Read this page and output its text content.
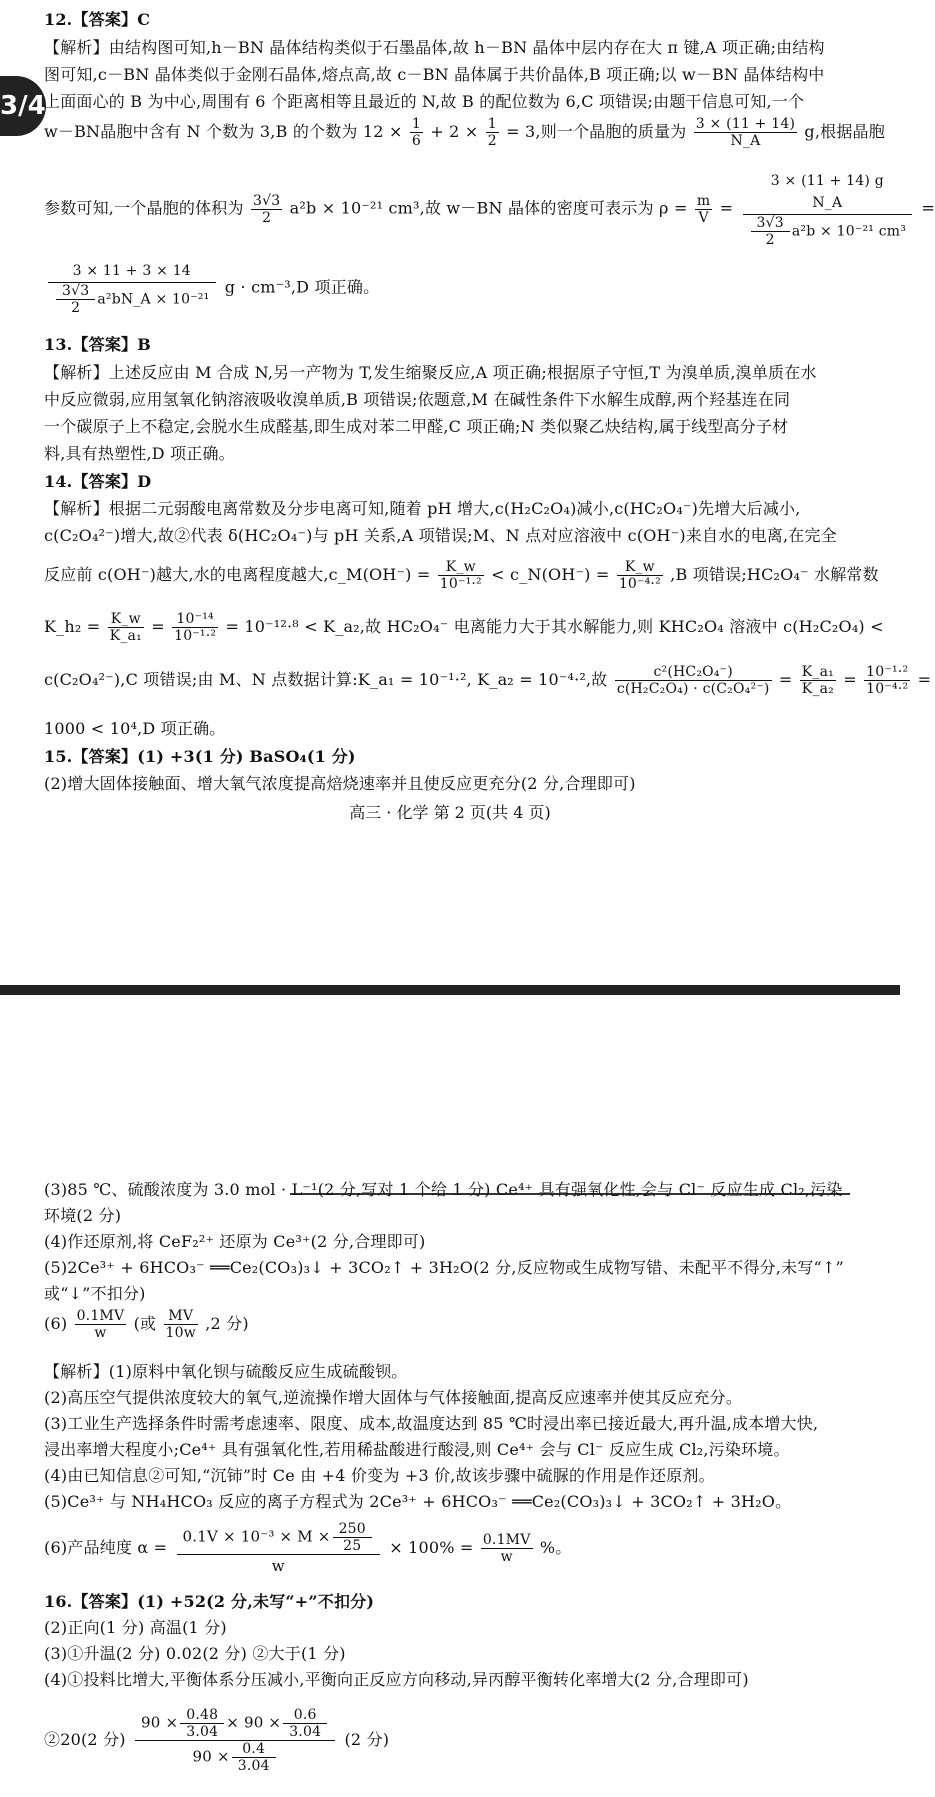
3/4
12.【答案】C
【解析】由结构图可知,h－BN 晶体结构类似于石墨晶体,故 h－BN 晶体中层内存在大 π 键,A 项正确;由结构
图可知,c－BN 晶体类似于金刚石晶体,熔点高,故 c－BN 晶体属于共价晶体,B 项正确;以 w－BN 晶体结构中
上面面心的 B 为中心,周围有 6 个距离相等且最近的 N,故 B 的配位数为 6,C 项错误;由题干信息可知,一个
w－BN晶胞中含有 N 个数为 3,B 的个数为 $12 \times \frac{1}{6} + 2 \times \frac{1}{2} = 3$,则一个晶胞的质量为 $\frac{3 \times (11 + 14)}{N\_A} g$,根据晶胞
参数可知,一个晶胞的体积为 $\frac{3√3}{2} a^2b \times 10^{-21}$ cm³,故 w－BN 晶体的密度可表示为 $\rho = \frac{m}{V}$ =
3 × (11 + 14) g
N_A
$\frac{3√3}{2} a^2b \times 10^{-21}$ cm³
=
$\frac{3 \times 11 + 3 \times 14}{\frac{3√3}{2} a^2bN\_A \times 10^{-21}}$ g · cm⁻³,D 项正确。
13.【答案】B
【解析】上述反应由 M 合成 N,另一产物为 T,发生缩聚反应,A 项正确;根据原子守恒,T 为溴单质,溴单质在水
中反应微弱,应用氢氧化钠溶液吸收溴单质,B 项错误;依题意,M 在碱性条件下水解生成醇,两个羟基连在同
一个碳原子上不稳定,会脱水生成醛基,即生成对苯二甲醛,C 项正确;N 类似聚乙炔结构,属于线型高分子材
料,具有热塑性,D 项正确。
14.【答案】D
【解析】根据二元弱酸电离常数及分步电离可知,随着 pH 增大,c(H₂C₂O₄)减小,c(HC₂O₄⁻)先增大后减小,
c(C₂O₄²⁻)增大,故②代表 δ(HC₂O₄⁻)与 pH 关系,A 项错误;M、N 点对应溶液中 c(OH⁻)来自水的电离,在完全
反应前 c(OH⁻)越大,水的电离程度越大,c_M(OH⁻) = $\frac{K\_w}{\text{10⁻¹·²}}$ < c_N(OH⁻) = $\frac{K\_w}{\text{10⁻⁴·²}} ,B$ 项错误;HC₂O₄⁻ 水解常数
K_h₂ = $\frac{K\_w}{\text{K\_a₁}} = \frac{\text{10⁻¹⁴}}{\text{10⁻¹·²}} = 10^{-12}\cdot^8$ < K_a₂,故 HC₂O₄⁻ 电离能力大于其水解能力,则 KHC₂O₄ 溶液中 c(H₂C₂O₄) <
c(C₂O₄²⁻),C 项错误;由 M、N 点数据计算:K_a₁ = 10⁻¹·², K_a₂ = 10⁻⁴·²,故 $\frac{\text{c²(HC₂O₄⁻)}}{\text{c(H₂C₂O₄) · c(C₂O₄²⁻)}} = \frac{\text{K\_a₁}}{\text{K\_a₂}} = \frac{\text{10⁻¹·²}}{\text{10⁻⁴·²}}$ =
1000 < 10⁴,D 项正确。
15.【答案】(1) +3(1 分) BaSO₄(1 分)
(2)增大固体接触面、增大氧气浓度提高焙烧速率并且使反应更充分(2 分,合理即可)
高三 · 化学 第 2 页(共 4 页)
(3)85 ℃、硫酸浓度为 3.0 mol · L⁻¹(2 分,写对 1 个给 1 分) Ce⁴⁺ 具有强氧化性,会与 Cl⁻ 反应生成 Cl₂,污染
环境(2 分)
(4)作还原剂,将 CeF₂²⁺ 还原为 Ce³⁺(2 分,合理即可)
(5)2Ce³⁺ + 6HCO₃⁻ ══Ce₂(CO₃)₃↓ + 3CO₂↑ + 3H₂O(2 分,反应物或生成物写错、未配平不得分,未写“↑”
或“↓”不扣分)
$(6) \frac{0.1MV}{w}$ (或 $\frac{MV}{10w} ,2$ 分)
【解析】(1)原料中氧化钡与硫酸反应生成硫酸钡。
(2)高压空气提供浓度较大的氧气,逆流操作增大固体与气体接触面,提高反应速率并使其反应充分。
(3)工业生产选择条件时需考虑速率、限度、成本,故温度达到 85 ℃时浸出率已接近最大,再升温,成本增大快,
浸出率增大程度小;Ce⁴⁺ 具有强氧化性,若用稀盐酸进行酸浸,则 Ce⁴⁺ 会与 Cl⁻ 反应生成 Cl₂,污染环境。
(4)由已知信息②可知,“沉铈”时 Ce 由 +4 价变为 +3 价,故该步骤中硫脲的作用是作还原剂。
(5)Ce³⁺ 与 NH₄HCO₃ 反应的离子方程式为 2Ce³⁺ + 6HCO₃⁻ ══Ce₂(CO₃)₃↓ + 3CO₂↑ + 3H₂O。
(6)产品纯度 $\alpha = \frac{0.1V \times 10^{-3} \times M \times \frac{250}{25}}{w} \times 100\% = \frac{0.1MV}{w}$ %。
16.【答案】(1) +52(2 分,未写“+”不扣分)
(2)正向(1 分) 高温(1 分)
(3)①升温(2 分) 0.02(2 分) ②大于(1 分)
(4)①投料比增大,平衡体系分压减小,平衡向正反应方向移动,异丙醇平衡转化率增大(2 分,合理即可)
②20(2 分) $\frac{90 \times \frac{0.48}{3.04} \times 90 \times \frac{0.6}{3.04}}{90 \times \frac{0.4}{3.04}} (2$ 分)
